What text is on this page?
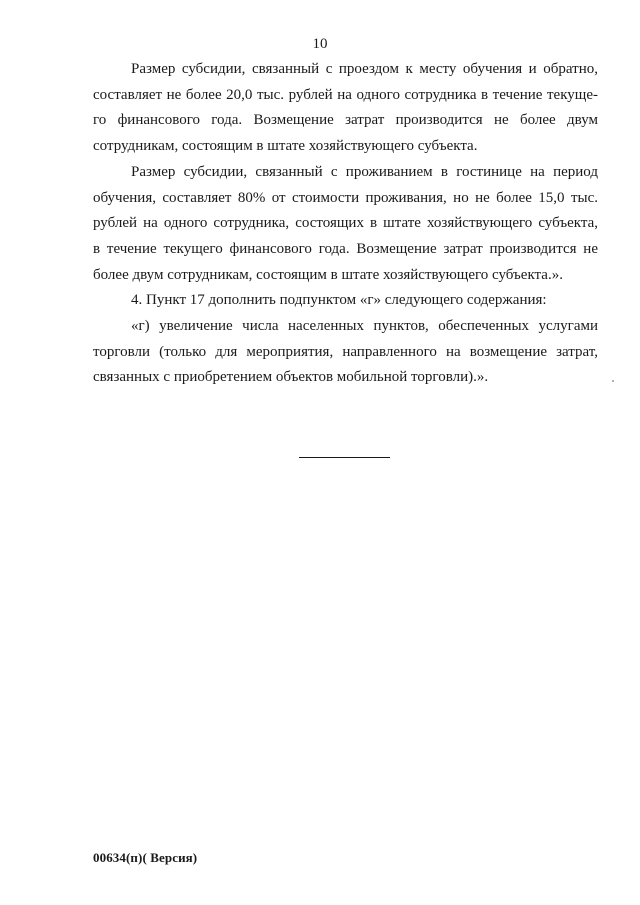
10

Размер субсидии, связанный с проездом к месту обучения и обратно,
составляет не более 20,0 тыс. рублей на одного сотрудника в течение текуще-
го финансового года. Возмещение затрат производится не более двум
сотрудникам, состоящим в штате хозяйствующего субъекта.

Размер субсидии, связанный с проживанием в гостинице на период
обучения, составляет 80% от стоимости проживания, но не более 15,0 тыс.
рублей на одного сотрудника, состоящих в штате хозяйствующего субъекта,
в течение текущего финансового года. Возмещение затрат производится не
более двум сотрудникам, состоящим в штате хозяйствующего субъекта.».

4. Пункт 17 дополнить подпунктом «г» следующего содержания:

«г) увеличение числа населенных пунктов, обеспеченных услугами
торговли (только для мероприятия, направленного на возмещение затрат,
связанных с приобретением объектов мобильной торговли).».

00634(п)( Версия)
